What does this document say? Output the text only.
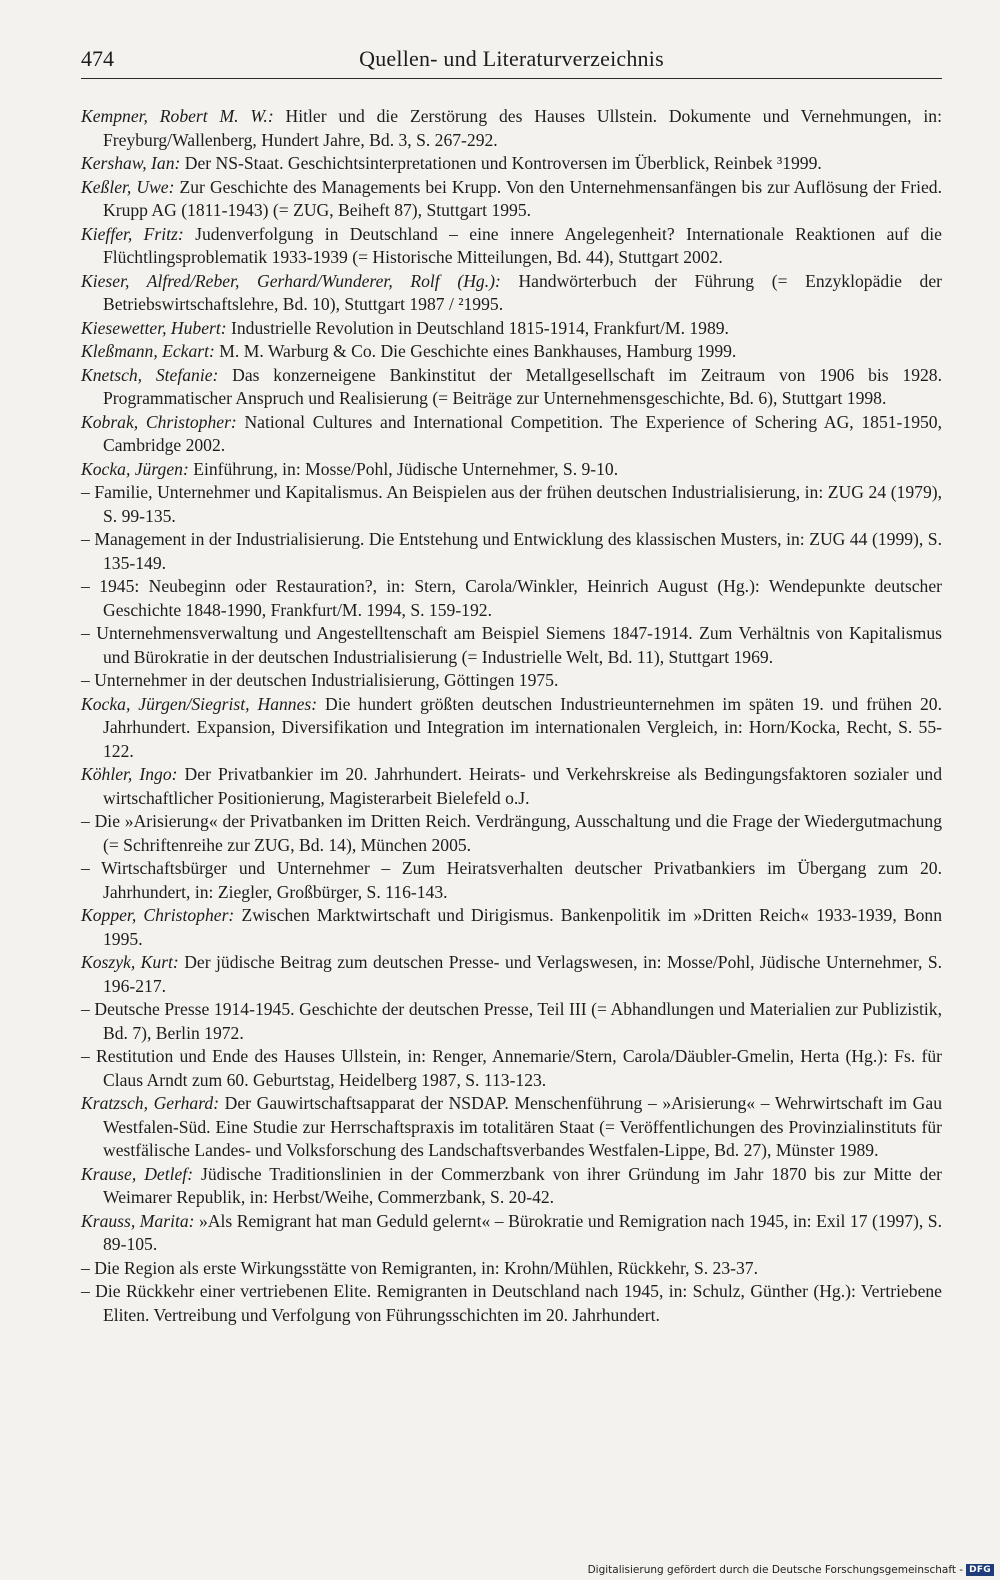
474	Quellen- und Literaturverzeichnis

Kempner, Robert M. W.: Hitler und die Zerstörung des Hauses Ullstein. Dokumente und Vernehmungen, in: Freyburg/Wallenberg, Hundert Jahre, Bd. 3, S. 267-292.

Kershaw, Ian: Der NS-Staat. Geschichtsinterpretationen und Kontroversen im Überblick, Reinbek ³1999.

Keßler, Uwe: Zur Geschichte des Managements bei Krupp. Von den Unternehmensanfängen bis zur Auflösung der Fried. Krupp AG (1811-1943) (= ZUG, Beiheft 87), Stuttgart 1995.

Kieffer, Fritz: Judenverfolgung in Deutschland – eine innere Angelegenheit? Internationale Reaktionen auf die Flüchtlingsproblematik 1933-1939 (= Historische Mitteilungen, Bd. 44), Stuttgart 2002.

Kieser, Alfred/Reber, Gerhard/Wunderer, Rolf (Hg.): Handwörterbuch der Führung (= Enzyklopädie der Betriebswirtschaftslehre, Bd. 10), Stuttgart 1987 / ²1995.

Kiesewetter, Hubert: Industrielle Revolution in Deutschland 1815-1914, Frankfurt/M. 1989.

Kleßmann, Eckart: M. M. Warburg & Co. Die Geschichte eines Bankhauses, Hamburg 1999.

Knetsch, Stefanie: Das konzerneigene Bankinstitut der Metallgesellschaft im Zeitraum von 1906 bis 1928. Programmatischer Anspruch und Realisierung (= Beiträge zur Unternehmensgeschichte, Bd. 6), Stuttgart 1998.

Kobrak, Christopher: National Cultures and International Competition. The Experience of Schering AG, 1851-1950, Cambridge 2002.

Kocka, Jürgen: Einführung, in: Mosse/Pohl, Jüdische Unternehmer, S. 9-10.

– Familie, Unternehmer und Kapitalismus. An Beispielen aus der frühen deutschen Industrialisierung, in: ZUG 24 (1979), S. 99-135.

– Management in der Industrialisierung. Die Entstehung und Entwicklung des klassischen Musters, in: ZUG 44 (1999), S. 135-149.

– 1945: Neubeginn oder Restauration?, in: Stern, Carola/Winkler, Heinrich August (Hg.): Wendepunkte deutscher Geschichte 1848-1990, Frankfurt/M. 1994, S. 159-192.

– Unternehmensverwaltung und Angestelltenschaft am Beispiel Siemens 1847-1914. Zum Verhältnis von Kapitalismus und Bürokratie in der deutschen Industrialisierung (= Industrielle Welt, Bd. 11), Stuttgart 1969.

– Unternehmer in der deutschen Industrialisierung, Göttingen 1975.

Kocka, Jürgen/Siegrist, Hannes: Die hundert größten deutschen Industrieunternehmen im späten 19. und frühen 20. Jahrhundert. Expansion, Diversifikation und Integration im internationalen Vergleich, in: Horn/Kocka, Recht, S. 55-122.

Köhler, Ingo: Der Privatbankier im 20. Jahrhundert. Heirats- und Verkehrskreise als Bedingungsfaktoren sozialer und wirtschaftlicher Positionierung, Magisterarbeit Bielefeld o.J.

– Die »Arisierung« der Privatbanken im Dritten Reich. Verdrängung, Ausschaltung und die Frage der Wiedergutmachung (= Schriftenreihe zur ZUG, Bd. 14), München 2005.

– Wirtschaftsbürger und Unternehmer – Zum Heiratsverhalten deutscher Privatbankiers im Übergang zum 20. Jahrhundert, in: Ziegler, Großbürger, S. 116-143.

Kopper, Christopher: Zwischen Marktwirtschaft und Dirigismus. Bankenpolitik im »Dritten Reich« 1933-1939, Bonn 1995.

Koszyk, Kurt: Der jüdische Beitrag zum deutschen Presse- und Verlagswesen, in: Mosse/Pohl, Jüdische Unternehmer, S. 196-217.

– Deutsche Presse 1914-1945. Geschichte der deutschen Presse, Teil III (= Abhandlungen und Materialien zur Publizistik, Bd. 7), Berlin 1972.

– Restitution und Ende des Hauses Ullstein, in: Renger, Annemarie/Stern, Carola/Däubler-Gmelin, Herta (Hg.): Fs. für Claus Arndt zum 60. Geburtstag, Heidelberg 1987, S. 113-123.

Kratzsch, Gerhard: Der Gauwirtschaftsapparat der NSDAP. Menschenführung – »Arisierung« – Wehrwirtschaft im Gau Westfalen-Süd. Eine Studie zur Herrschaftspraxis im totalitären Staat (= Veröffentlichungen des Provinzialinstituts für westfälische Landes- und Volksforschung des Landschaftsverbandes Westfalen-Lippe, Bd. 27), Münster 1989.

Krause, Detlef: Jüdische Traditionslinien in der Commerzbank von ihrer Gründung im Jahr 1870 bis zur Mitte der Weimarer Republik, in: Herbst/Weihe, Commerzbank, S. 20-42.

Krauss, Marita: »Als Remigrant hat man Geduld gelernt« – Bürokratie und Remigration nach 1945, in: Exil 17 (1997), S. 89-105.

– Die Region als erste Wirkungsstätte von Remigranten, in: Krohn/Mühlen, Rückkehr, S. 23-37.

– Die Rückkehr einer vertriebenen Elite. Remigranten in Deutschland nach 1945, in: Schulz, Günther (Hg.): Vertriebene Eliten. Vertreibung und Verfolgung von Führungsschichten im 20. Jahrhundert.

Digitalisierung gefördert durch die Deutsche Forschungsgemeinschaft - DFG
